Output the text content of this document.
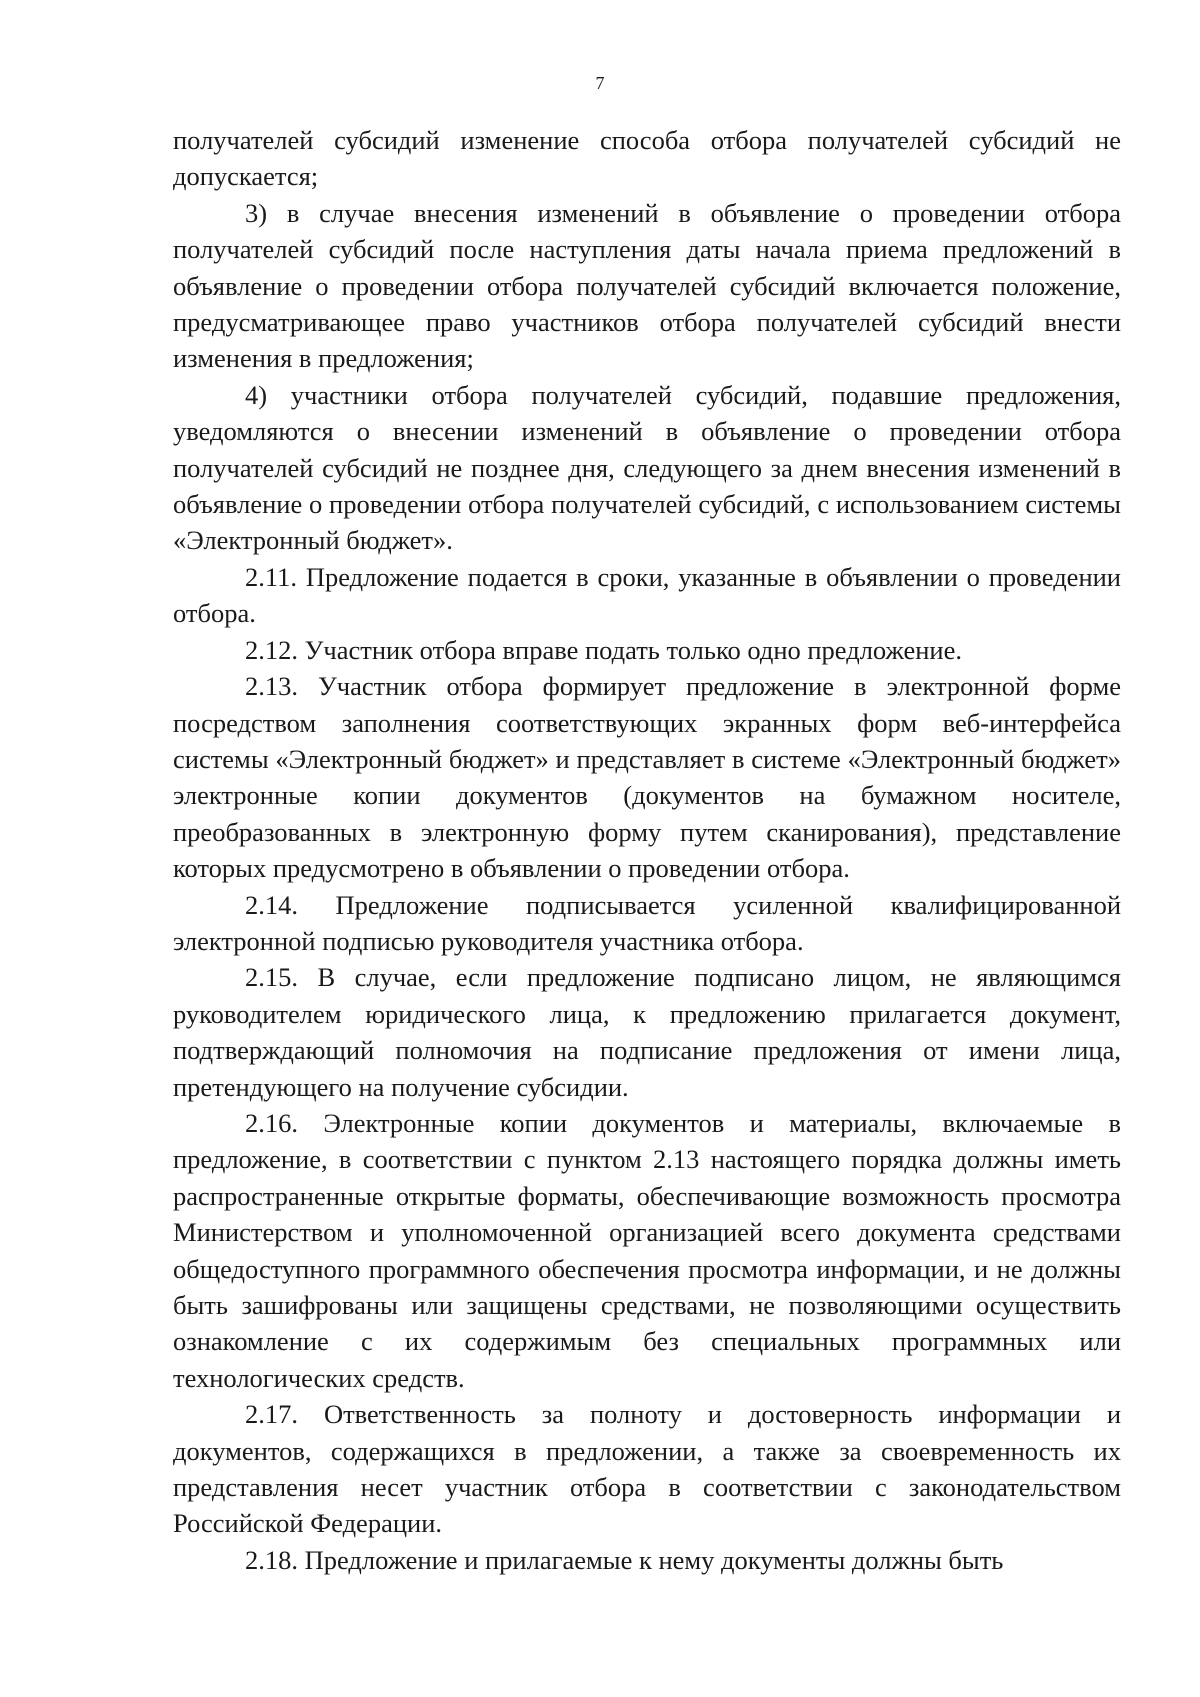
7

получателей субсидий изменение способа отбора получателей субсидий не допускается;

3) в случае внесения изменений в объявление о проведении отбора получателей субсидий после наступления даты начала приема предложений в объявление о проведении отбора получателей субсидий включается положение, предусматривающее право участников отбора получателей субсидий внести изменения в предложения;

4) участники отбора получателей субсидий, подавшие предложения, уведомляются о внесении изменений в объявление о проведении отбора получателей субсидий не позднее дня, следующего за днем внесения изменений в объявление о проведении отбора получателей субсидий, с использованием системы «Электронный бюджет».

2.11. Предложение подается в сроки, указанные в объявлении о проведении отбора.

2.12. Участник отбора вправе подать только одно предложение.

2.13. Участник отбора формирует предложение в электронной форме посредством заполнения соответствующих экранных форм веб-интерфейса системы «Электронный бюджет» и представляет в системе «Электронный бюджет» электронные копии документов (документов на бумажном носителе, преобразованных в электронную форму путем сканирования), представление которых предусмотрено в объявлении о проведении отбора.

2.14. Предложение подписывается усиленной квалифицированной электронной подписью руководителя участника отбора.

2.15. В случае, если предложение подписано лицом, не являющимся руководителем юридического лица, к предложению прилагается документ, подтверждающий полномочия на подписание предложения от имени лица, претендующего на получение субсидии.

2.16. Электронные копии документов и материалы, включаемые в предложение, в соответствии с пунктом 2.13 настоящего порядка должны иметь распространенные открытые форматы, обеспечивающие возможность просмотра Министерством и уполномоченной организацией всего документа средствами общедоступного программного обеспечения просмотра информации, и не должны быть зашифрованы или защищены средствами, не позволяющими осуществить ознакомление с их содержимым без специальных программных или технологических средств.

2.17. Ответственность за полноту и достоверность информации и документов, содержащихся в предложении, а также за своевременность их представления несет участник отбора в соответствии с законодательством Российской Федерации.

2.18. Предложение и прилагаемые к нему документы должны быть
